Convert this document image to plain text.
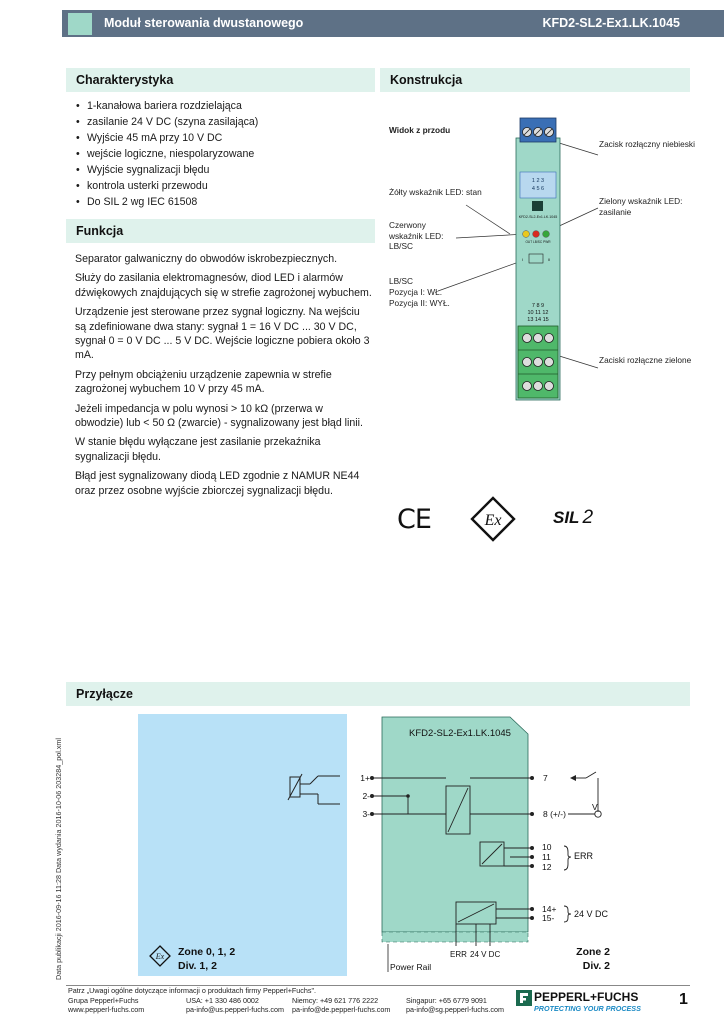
Moduł sterowania dwustanowego	KFD2-SL2-Ex1.LK.1045
Charakterystyka
• 1-kanałowa bariera rozdzielająca
• zasilanie 24 V DC (szyna zasilająca)
• Wyjście 45 mA przy 10 V DC
• wejście logiczne, niespolaryzowane
• Wyjście sygnalizacji błędu
• kontrola usterki przewodu
• Do SIL 2 wg IEC 61508
Funkcja

Separator galwaniczny do obwodów iskrobezpiecznych.

Służy do zasilania elektromagnesów, diod LED i alarmów dźwiękowych znajdujących się w strefie zagrożonej wybuchem.

Urządzenie jest sterowane przez sygnał logiczny. Na wejściu są zdefiniowane dwa stany: sygnał 1 = 16 V DC ... 30 V DC, sygnał 0 = 0 V DC ... 5 V DC. Wejście logiczne pobiera około 3 mA.

Przy pełnym obciążeniu urządzenie zapewnia w strefie zagrożonej wybuchem 10 V przy 45 mA.

Jeżeli impedancja w polu wynosi > 10 kΩ (przerwa w obwodzie) lub < 50 Ω (zwarcie) - sygnalizowany jest błąd linii.

W stanie błędu wyłączane jest zasilanie przekaźnika sygnalizacji błędu.

Błąd jest sygnalizowany diodą LED zgodnie z NAMUR NE44 oraz przez osobne wyjście zbiorczej sygnalizacji błędu.

Konstrukcja
Widok z przodu
Zacisk rozłączny niebieski
Żółty wskaźnik LED: stan
Zielony wskaźnik LED: zasilanie
Czerwony wskaźnik LED: LB/SC
LB/SC
Pozycja I: WŁ.
Pozycja II: WYŁ.
Zaciski rozłączne zielone
1 2 3
4 5 6
KFD2-SL2-Ex1.LK.1045
OUT LB/SC PWR
I	II
7 8 9
10 11 12
13 14 15
CE	Ex	SIL 2
Przyłącze
Data publikacji 2016-09-16 11:28 Data wydania 2016-10-06 203284_pol.xml
KFD2-SL2-Ex1.LK.1045
1+
2-
3-
7
8 (+/-)
10
11
12
14+
15-
ERR
24 V DC
V
ERR 24 V DC
Power Rail
Ex Zone 0, 1, 2
Div. 1, 2
Zone 2
Div. 2
Patrz „Uwagi ogólne dotyczące informacji o produktach firmy Pepperl+Fuchs".
Grupa Pepperl+Fuchs
www.pepperl-fuchs.com
USA: +1 330 486 0002
pa-info@us.pepperl-fuchs.com
Niemcy: +49 621 776 2222
pa-info@de.pepperl-fuchs.com
Singapur: +65 6779 9091
pa-info@sg.pepperl-fuchs.com
PEPPERL+FUCHS
PROTECTING YOUR PROCESS
1
